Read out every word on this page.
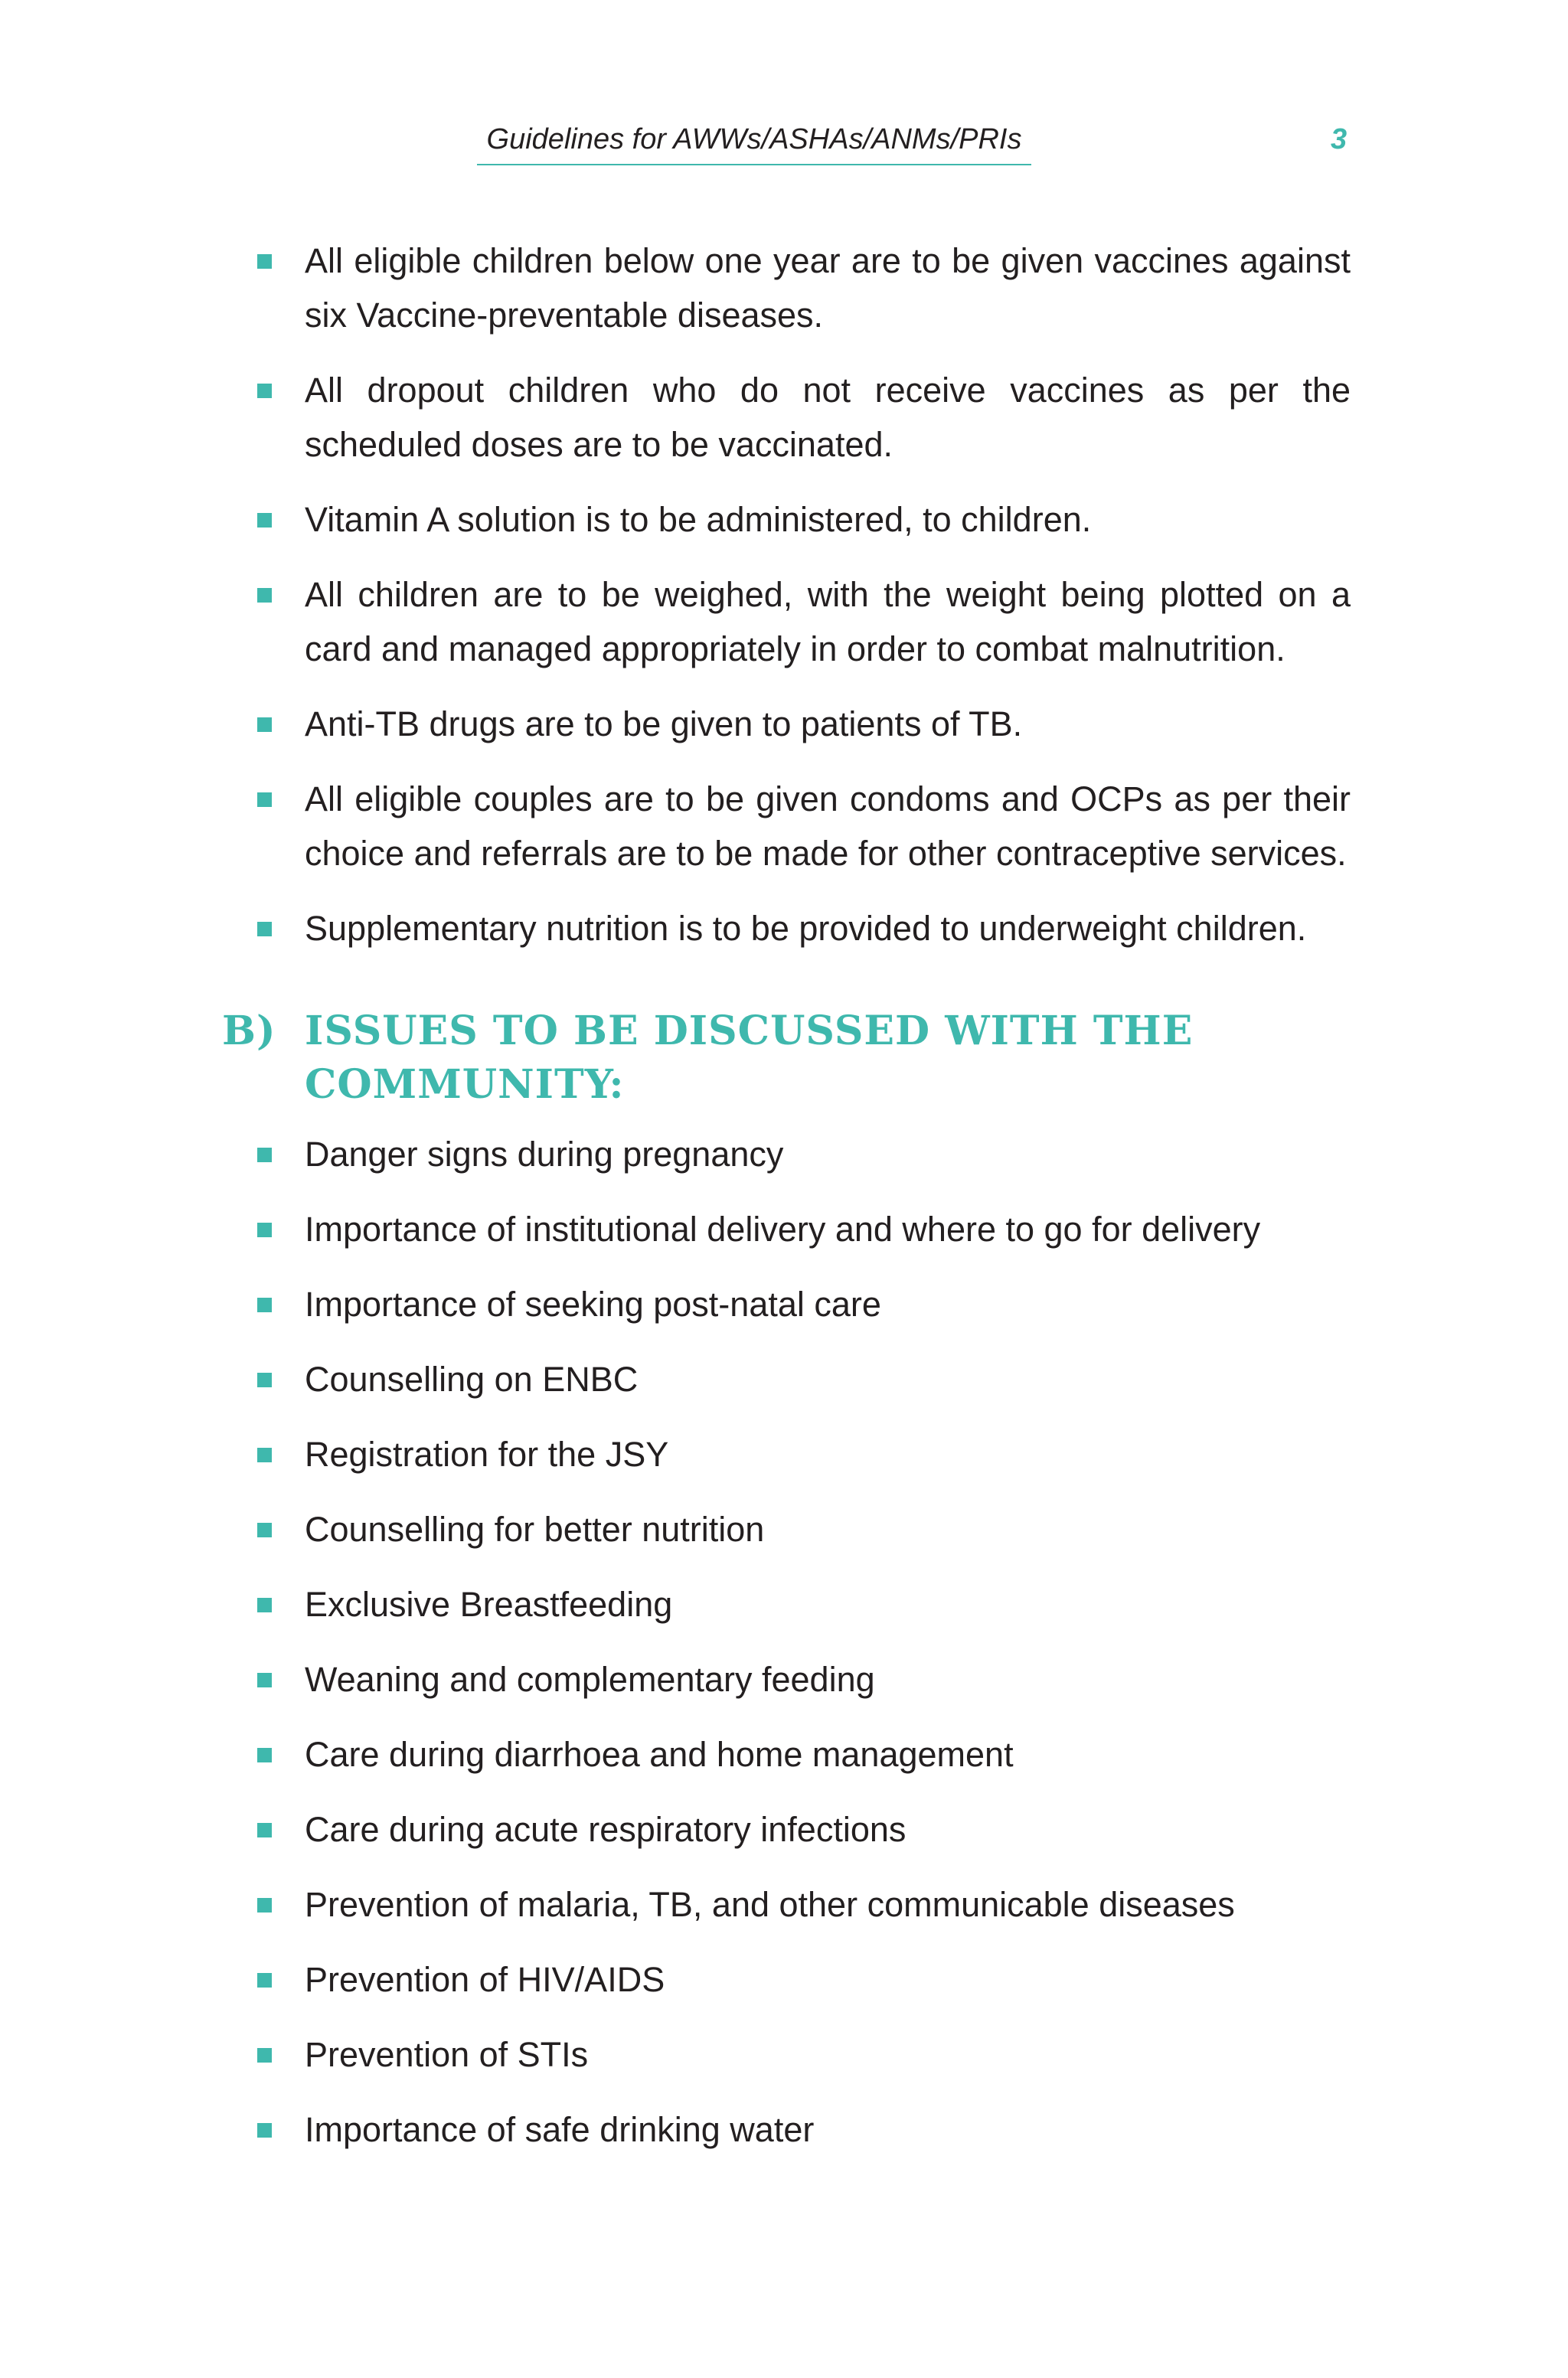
Guidelines for AWWs/ASHAs/ANMs/PRIs	3
All eligible children below one year are to be given vaccines against six Vaccine-preventable diseases.
All dropout children who do not receive vaccines as per the scheduled doses are to be vaccinated.
Vitamin A solution is to be administered, to children.
All children are to be weighed, with the weight being plotted on a card and managed appropriately in order to combat malnutrition.
Anti-TB drugs are to be given to patients of TB.
All eligible couples are to be given condoms and OCPs as per their choice and referrals are to be made for other contraceptive services.
Supplementary nutrition is to be provided to underweight children.
B) ISSUES TO BE DISCUSSED WITH THE COMMUNITY:
Danger signs during pregnancy
Importance of institutional delivery and where to go for delivery
Importance of seeking post-natal care
Counselling on ENBC
Registration for the JSY
Counselling for better nutrition
Exclusive Breastfeeding
Weaning and complementary feeding
Care during diarrhoea and home management
Care during acute respiratory infections
Prevention of malaria, TB, and other communicable diseases
Prevention of HIV/AIDS
Prevention of STIs
Importance of safe drinking water
